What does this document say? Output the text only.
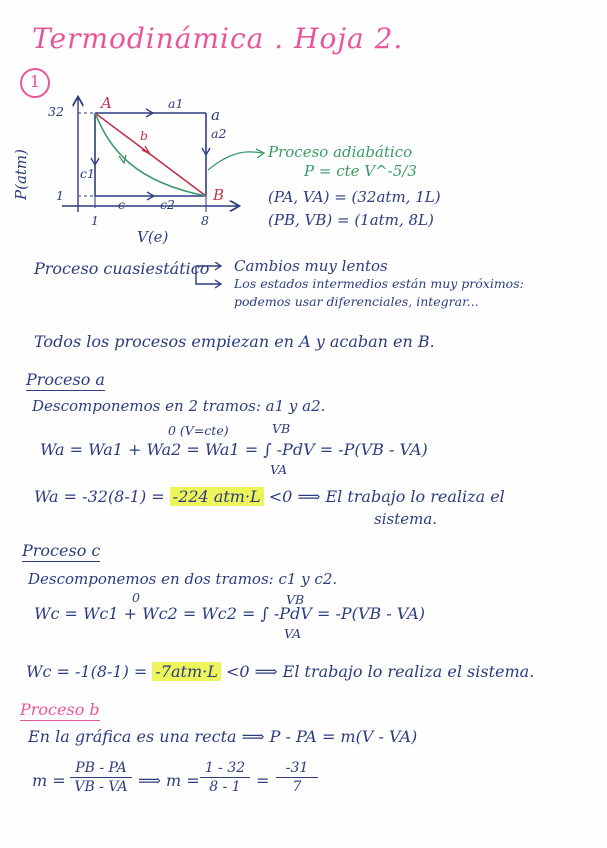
Termodinámica . Hoja 2.
1
P(atm)
V(e)
32
1
1	8
A
B
a1
a2
a
b
c1
c	c2
Proceso adiabático
P = cte V^-5/3
(PA, VA) = (32atm, 1L)
(PB, VB) = (1atm, 8L)
Proceso cuasiestático Cambios muy lentos
Los estados intermedios están muy próximos:
podemos usar diferenciales, integrar...
Todos los procesos empiezan en A y acaban en B.
Proceso a
Descomponemos en 2 tramos: a1 y a2.
0 (V=cte)	VB
Wa = Wa1 + Wa2 = Wa1 = ∫ -PdV = -P(VB - VA)
VA
Wa = -32(8-1) = -224 atm·L <0 ⟹ El trabajo lo realiza el
sistema.
Proceso c
Descomponemos en dos tramos: c1 y c2.
0	VB
Wc = Wc1 + Wc2 = Wc2 = ∫ -PdV = -P(VB - VA)
VA
Wc = -1(8-1) = -7atm·L <0 ⟹ El trabajo lo realiza el sistema.
Proceso b
En la gráfica es una recta ⟹ P - PA = m(V - VA)
m =
PB - PA
VB - VA ⟹ m =
1 - 32
8 - 1 =
-31
7
